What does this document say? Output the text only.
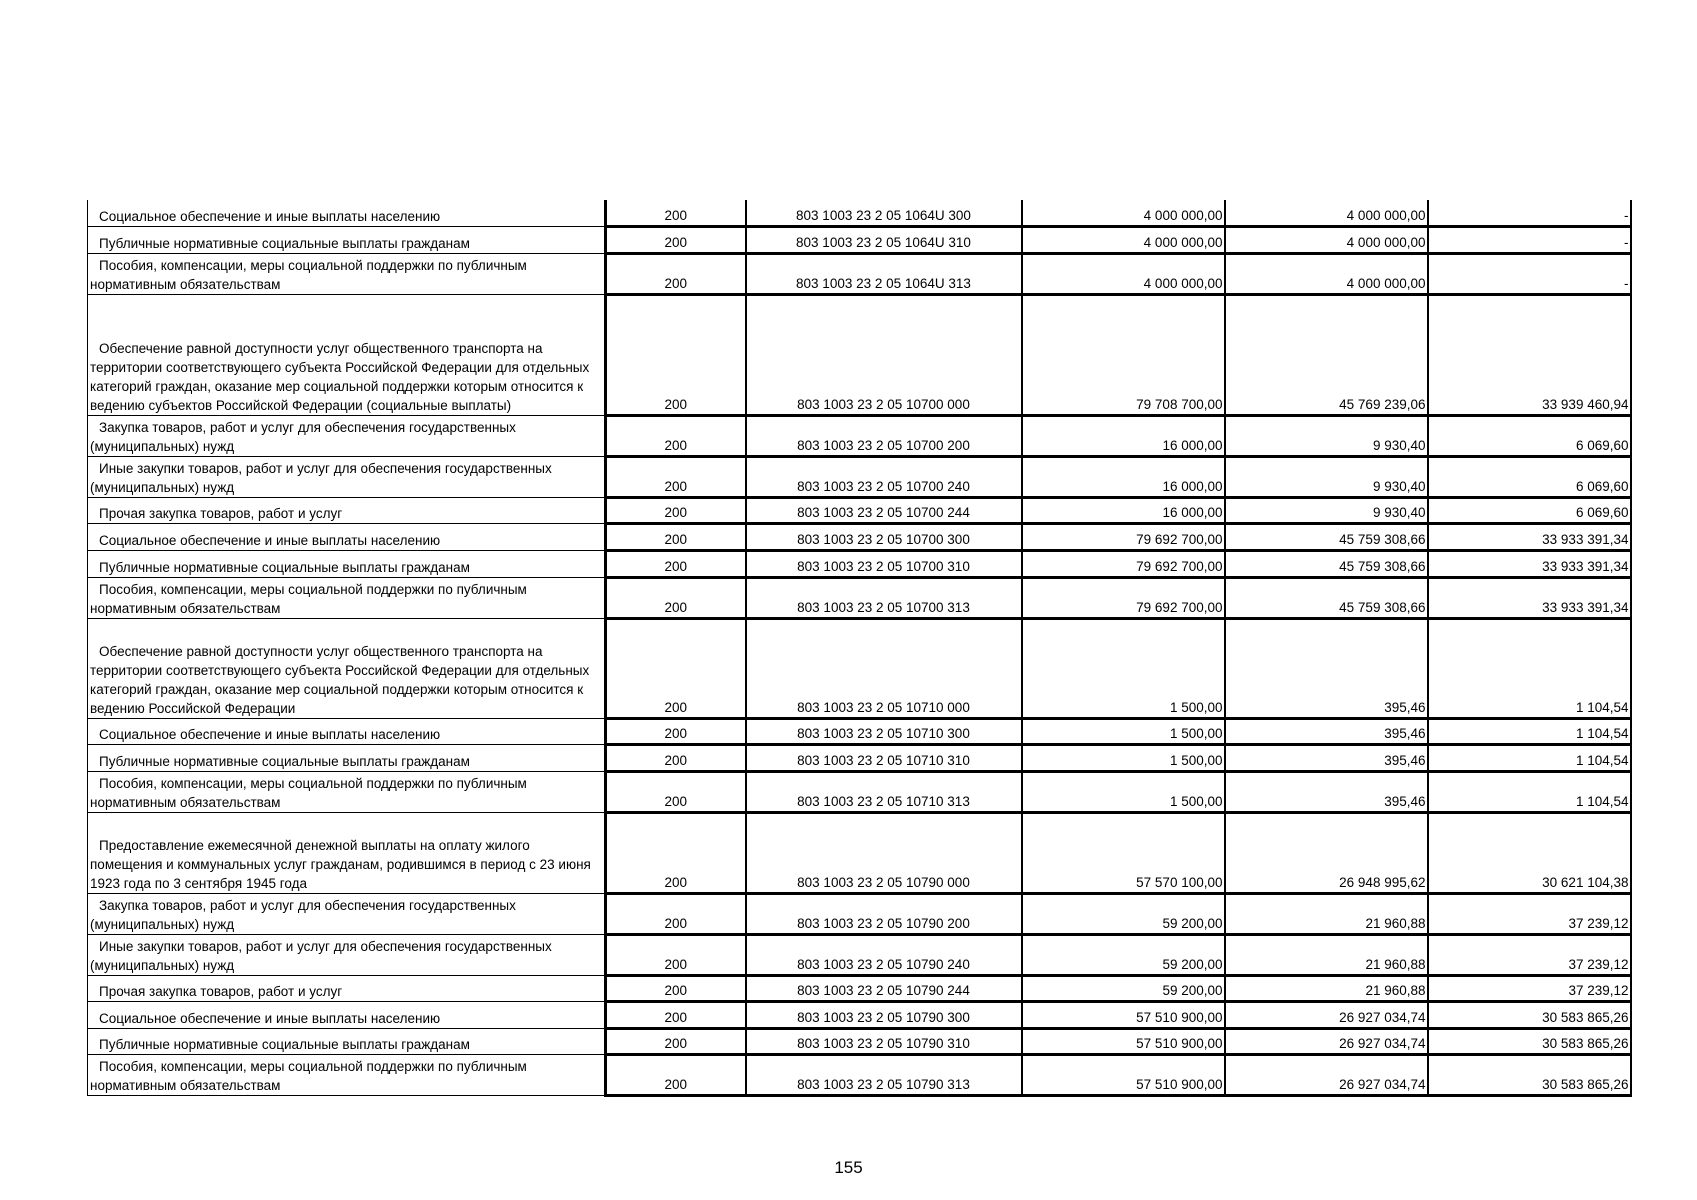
Социальное обеспечение и иные выплаты населению	200	803 1003 23 2 05 1064U 300	4 000 000,00	4 000 000,00	-
Публичные нормативные социальные выплаты гражданам	200	803 1003 23 2 05 1064U 310	4 000 000,00	4 000 000,00	-
Пособия, компенсации, меры социальной поддержки по публичным нормативным обязательствам	200	803 1003 23 2 05 1064U 313	4 000 000,00	4 000 000,00	-
Обеспечение равной доступности услуг общественного транспорта на территории соответствующего субъекта Российской Федерации для отдельных категорий граждан, оказание мер социальной поддержки которым относится к ведению субъектов Российской Федерации (социальные выплаты)	200	803 1003 23 2 05 10700 000	79 708 700,00	45 769 239,06	33 939 460,94
Закупка товаров, работ и услуг для обеспечения государственных (муниципальных) нужд	200	803 1003 23 2 05 10700 200	16 000,00	9 930,40	6 069,60
Иные закупки товаров, работ и услуг для обеспечения государственных (муниципальных) нужд	200	803 1003 23 2 05 10700 240	16 000,00	9 930,40	6 069,60
Прочая закупка товаров, работ и услуг	200	803 1003 23 2 05 10700 244	16 000,00	9 930,40	6 069,60
Социальное обеспечение и иные выплаты населению	200	803 1003 23 2 05 10700 300	79 692 700,00	45 759 308,66	33 933 391,34
Публичные нормативные социальные выплаты гражданам	200	803 1003 23 2 05 10700 310	79 692 700,00	45 759 308,66	33 933 391,34
Пособия, компенсации, меры социальной поддержки по публичным нормативным обязательствам	200	803 1003 23 2 05 10700 313	79 692 700,00	45 759 308,66	33 933 391,34
Обеспечение равной доступности услуг общественного транспорта на территории соответствующего субъекта Российской Федерации для отдельных категорий граждан, оказание мер социальной поддержки которым относится к ведению Российской Федерации	200	803 1003 23 2 05 10710 000	1 500,00	395,46	1 104,54
Социальное обеспечение и иные выплаты населению	200	803 1003 23 2 05 10710 300	1 500,00	395,46	1 104,54
Публичные нормативные социальные выплаты гражданам	200	803 1003 23 2 05 10710 310	1 500,00	395,46	1 104,54
Пособия, компенсации, меры социальной поддержки по публичным нормативным обязательствам	200	803 1003 23 2 05 10710 313	1 500,00	395,46	1 104,54
Предоставление ежемесячной денежной выплаты на оплату жилого помещения и коммунальных услуг гражданам, родившимся в период с 23 июня 1923 года по 3 сентября 1945 года	200	803 1003 23 2 05 10790 000	57 570 100,00	26 948 995,62	30 621 104,38
Закупка товаров, работ и услуг для обеспечения государственных (муниципальных) нужд	200	803 1003 23 2 05 10790 200	59 200,00	21 960,88	37 239,12
Иные закупки товаров, работ и услуг для обеспечения государственных (муниципальных) нужд	200	803 1003 23 2 05 10790 240	59 200,00	21 960,88	37 239,12
Прочая закупка товаров, работ и услуг	200	803 1003 23 2 05 10790 244	59 200,00	21 960,88	37 239,12
Социальное обеспечение и иные выплаты населению	200	803 1003 23 2 05 10790 300	57 510 900,00	26 927 034,74	30 583 865,26
Публичные нормативные социальные выплаты гражданам	200	803 1003 23 2 05 10790 310	57 510 900,00	26 927 034,74	30 583 865,26
Пособия, компенсации, меры социальной поддержки по публичным нормативным обязательствам	200	803 1003 23 2 05 10790 313	57 510 900,00	26 927 034,74	30 583 865,26
155
